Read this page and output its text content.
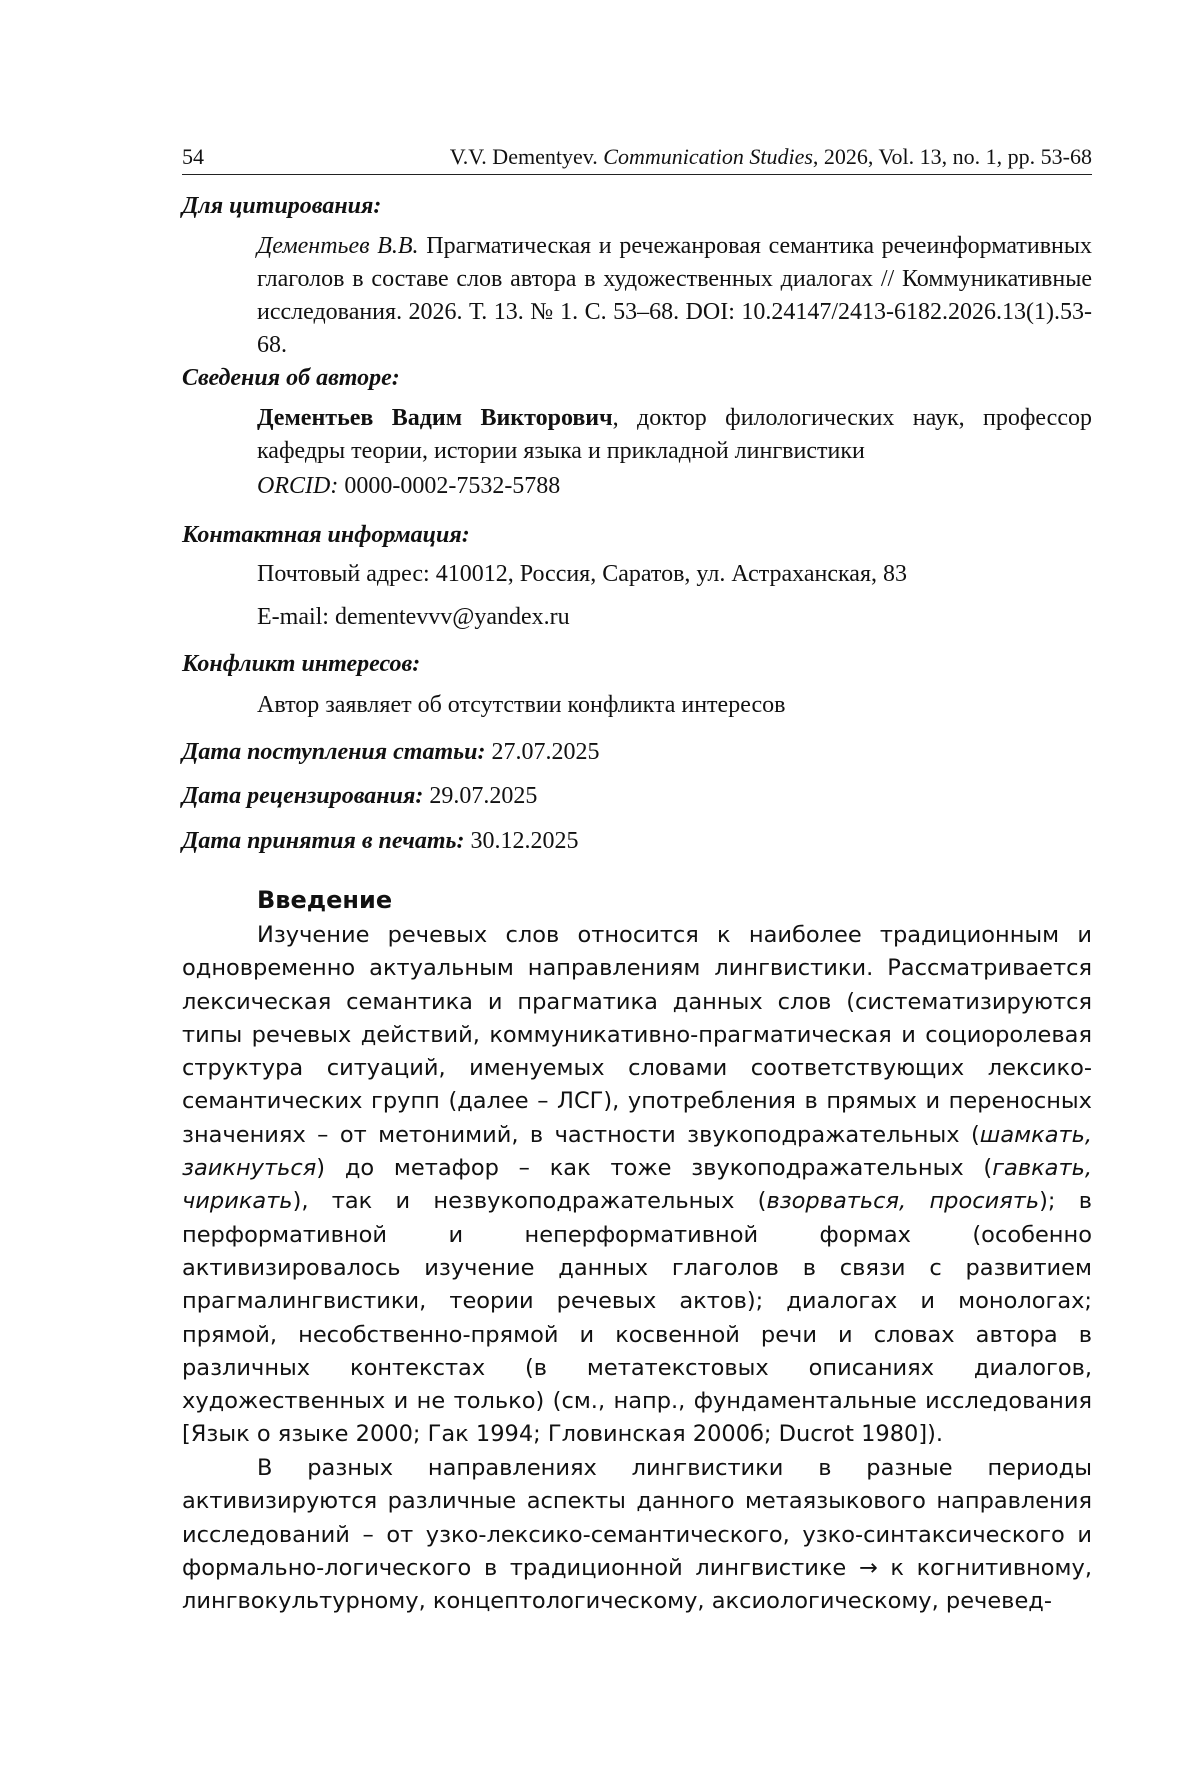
54	V.V. Dementyev. Communication Studies, 2026, Vol. 13, no. 1, pp. 53-68
Для цитирования:
Дементьев В.В. Прагматическая и речежанровая семантика речеинформативных глаголов в составе слов автора в художественных диалогах // Коммуникативные исследования. 2026. Т. 13. № 1. С. 53–68. DOI: 10.24147/2413-6182.2026.13(1).53-68.
Сведения об авторе:
Дементьев Вадим Викторович, доктор филологических наук, профессор кафедры теории, истории языка и прикладной лингвистики
ORCID: 0000-0002-7532-5788
Контактная информация:
Почтовый адрес: 410012, Россия, Саратов, ул. Астраханская, 83
E-mail: dementevvv@yandex.ru
Конфликт интересов:
Автор заявляет об отсутствии конфликта интересов
Дата поступления статьи: 27.07.2025
Дата рецензирования: 29.07.2025
Дата принятия в печать: 30.12.2025
Введение

Изучение речевых слов относится к наиболее традиционным и одновременно актуальным направлениям лингвистики. Рассматривается лексическая семантика и прагматика данных слов (систематизируются типы речевых действий, коммуникативно-прагматическая и социоролевая структура ситуаций, именуемых словами соответствующих лексико-семантических групп (далее – ЛСГ), употребления в прямых и переносных значениях – от метонимий, в частности звукоподражательных (шамкать, заикнуться) до метафор – как тоже звукоподражательных (гавкать, чирикать), так и незвукоподражательных (взорваться, просиять); в перформативной и неперформативной формах (особенно активизировалось изучение данных глаголов в связи с развитием прагмалингвистики, теории речевых актов); диалогах и монологах; прямой, несобственно-прямой и косвенной речи и словах автора в различных контекстах (в метатекстовых описаниях диалогов, художественных и не только) (см., напр., фундаментальные исследования [Язык о языке 2000; Гак 1994; Гловинская 2000б; Ducrot 1980]).

В разных направлениях лингвистики в разные периоды активизируются различные аспекты данного метаязыкового направления исследований – от узко-лексико-семантического, узко-синтаксического и формально-логического в традиционной лингвистике → к когнитивному, лингвокультурному, концептологическому, аксиологическому, речевед-
